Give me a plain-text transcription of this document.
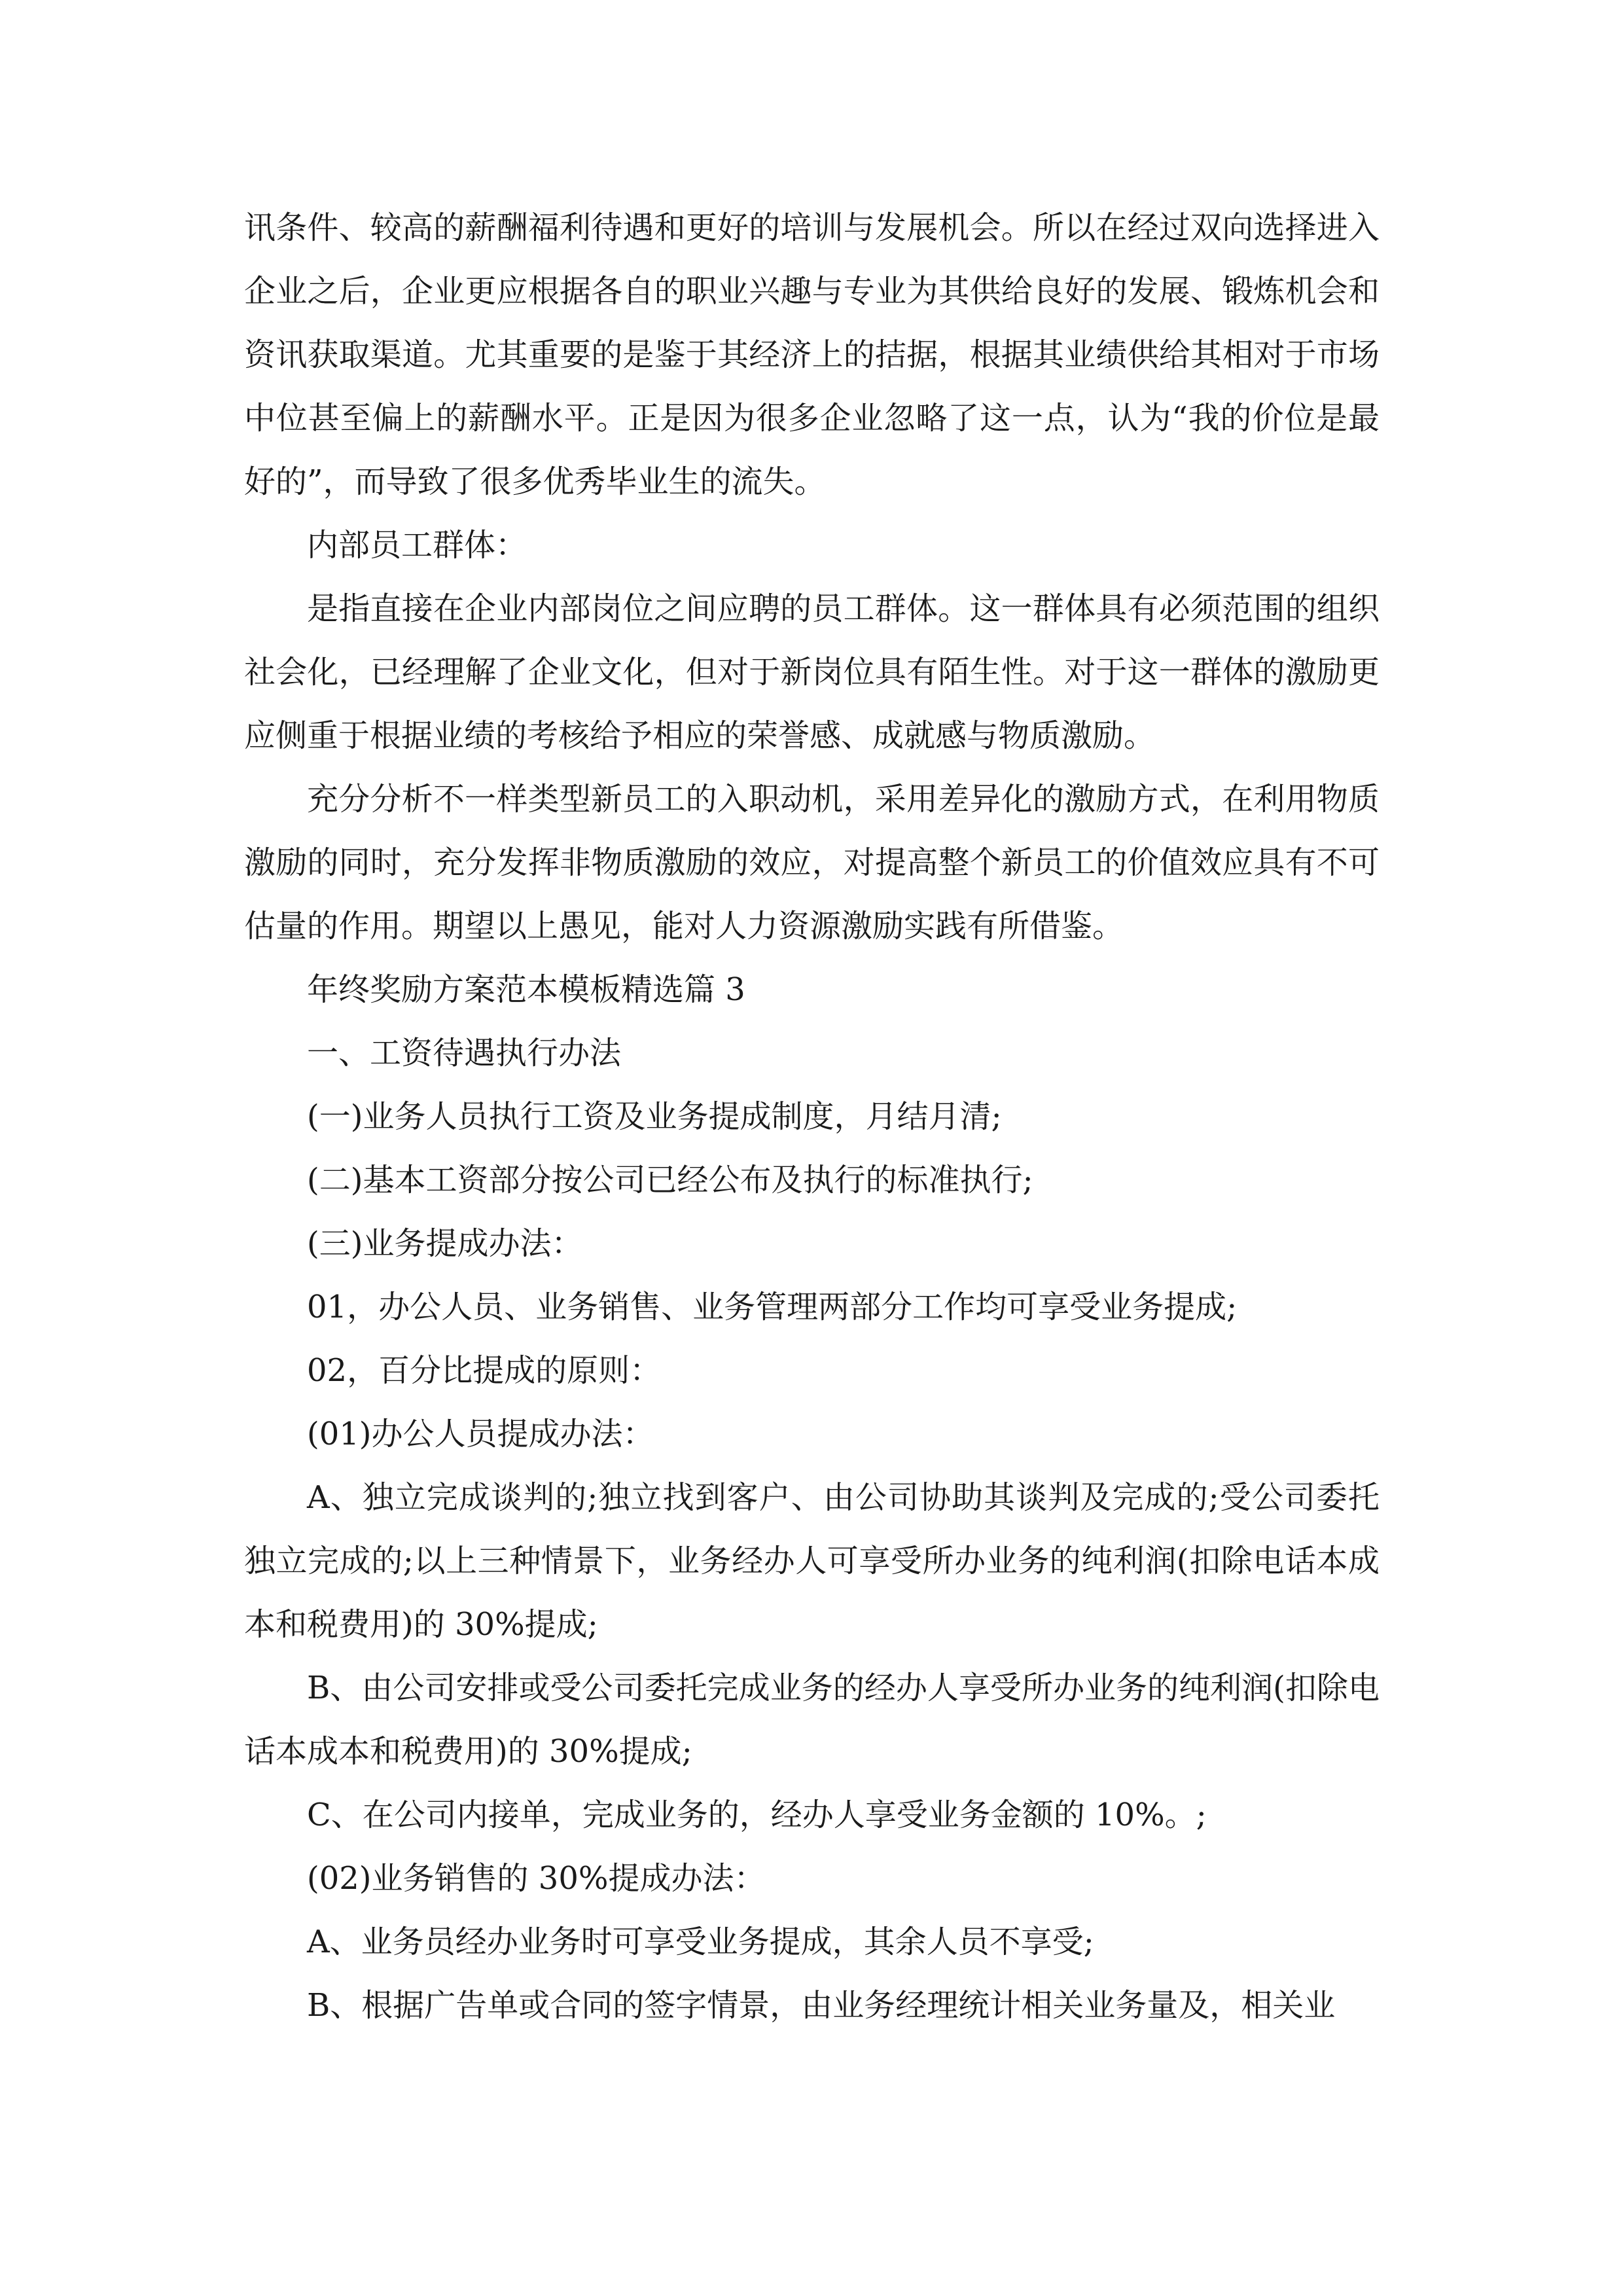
讯条件、较高的薪酬福利待遇和更好的培训与发展机会。所以在经过双向选择进入企业之后，企业更应根据各自的职业兴趣与专业为其供给良好的发展、锻炼机会和资讯获取渠道。尤其重要的是鉴于其经济上的拮据，根据其业绩供给其相对于市场中位甚至偏上的薪酬水平。正是因为很多企业忽略了这一点，认为“我的价位是最好的”，而导致了很多优秀毕业生的流失。

内部员工群体：

是指直接在企业内部岗位之间应聘的员工群体。这一群体具有必须范围的组织社会化，已经理解了企业文化，但对于新岗位具有陌生性。对于这一群体的激励更应侧重于根据业绩的考核给予相应的荣誉感、成就感与物质激励。

充分分析不一样类型新员工的入职动机，采用差异化的激励方式，在利用物质激励的同时，充分发挥非物质激励的效应，对提高整个新员工的价值效应具有不可估量的作用。期望以上愚见，能对人力资源激励实践有所借鉴。

年终奖励方案范本模板精选篇 3

一、工资待遇执行办法

(一)业务人员执行工资及业务提成制度，月结月清;

(二)基本工资部分按公司已经公布及执行的标准执行;

(三)业务提成办法：

01，办公人员、业务销售、业务管理两部分工作均可享受业务提成;

02，百分比提成的原则：

(01)办公人员提成办法：

A、独立完成谈判的;独立找到客户、由公司协助其谈判及完成的;受公司委托独立完成的;以上三种情景下，业务经办人可享受所办业务的纯利润(扣除电话本成本和税费用)的 30%提成;

B、由公司安排或受公司委托完成业务的经办人享受所办业务的纯利润(扣除电话本成本和税费用)的 30%提成;

C、在公司内接单，完成业务的，经办人享受业务金额的 10%。;

(02)业务销售的 30%提成办法：

A、业务员经办业务时可享受业务提成，其余人员不享受;

B、根据广告单或合同的签字情景，由业务经理统计相关业务量及，相关业
